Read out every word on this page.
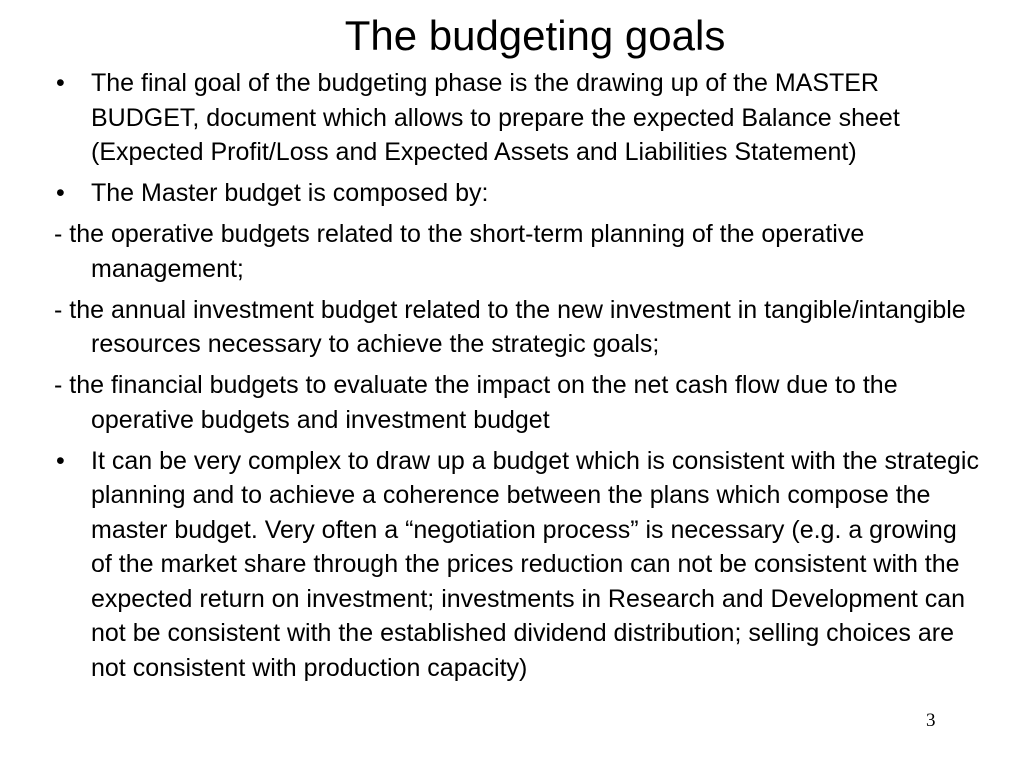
The budgeting goals
• The final goal of the budgeting phase is the drawing up of the MASTER BUDGET, document which allows to prepare the expected Balance sheet (Expected Profit/Loss and Expected Assets and Liabilities Statement)
• The Master budget is composed by:
- the operative budgets related to the short-term planning of the operative management;
- the annual investment budget related to the new investment in tangible/intangible resources necessary to achieve the strategic goals;
- the financial budgets to evaluate the impact on the net cash flow due to the operative budgets and investment budget
• It can be very complex to draw up a budget which is consistent with the strategic planning and to achieve a coherence between the plans which compose the master budget. Very often a “negotiation process” is necessary (e.g. a growing of the market share through the prices reduction can not be consistent with the expected return on investment; investments in Research and Development can not be consistent with the established dividend distribution; selling choices are not consistent with production capacity)
3
